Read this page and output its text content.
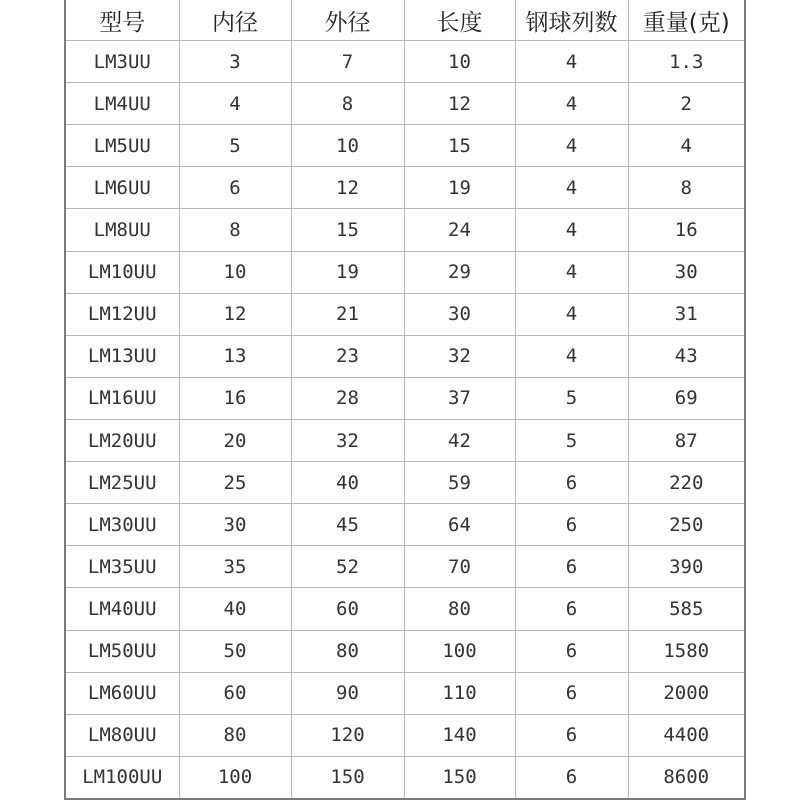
型号	内径	外径	长度	钢球列数	重量(克)
LM3UU	3	7	10	4	1.3
LM4UU	4	8	12	4	2
LM5UU	5	10	15	4	4
LM6UU	6	12	19	4	8
LM8UU	8	15	24	4	16
LM10UU	10	19	29	4	30
LM12UU	12	21	30	4	31
LM13UU	13	23	32	4	43
LM16UU	16	28	37	5	69
LM20UU	20	32	42	5	87
LM25UU	25	40	59	6	220
LM30UU	30	45	64	6	250
LM35UU	35	52	70	6	390
LM40UU	40	60	80	6	585
LM50UU	50	80	100	6	1580
LM60UU	60	90	110	6	2000
LM80UU	80	120	140	6	4400
LM100UU	100	150	150	6	8600
